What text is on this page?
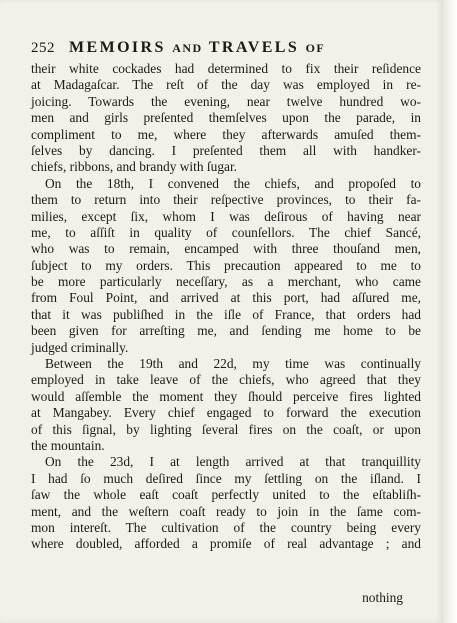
252 MEMOIRS AND TRAVELS OF
their white cockades had determined to fix their reſidence
at Madagaſcar. The reſt of the day was employed in re-
joicing. Towards the evening, near twelve hundred wo-
men and girls preſented themſelves upon the parade, in
compliment to me, where they afterwards amuſed them-
ſelves by dancing. I preſented them all with handker-
chiefs, ribbons, and brandy with ſugar.
On the 18th, I convened the chiefs, and propoſed to
them to return into their reſpective provinces, to their fa-
milies, except ſix, whom I was deſirous of having near
me, to aſſiſt in quality of counſellors. The chief Sancé,
who was to remain, encamped with three thouſand men,
ſubject to my orders. This precaution appeared to me to
be more particularly neceſſary, as a merchant, who came
from Foul Point, and arrived at this port, had aſſured me,
that it was publiſhed in the iſle of France, that orders had
been given for arreſting me, and ſending me home to be
judged criminally.
Between the 19th and 22d, my time was continually
employed in take leave of the chiefs, who agreed that they
would aſſemble the moment they ſhould perceive fires lighted
at Mangabey. Every chief engaged to forward the execution
of this ſignal, by lighting ſeveral fires on the coaſt, or upon
the mountain.
On the 23d, I at length arrived at that tranquillity
I had ſo much deſired ſince my ſettling on the iſland. I
ſaw the whole eaſt coaſt perfectly united to the eſtabliſh-
ment, and the weſtern coaſt ready to join in the ſame com-
mon intereſt. The cultivation of the country being every
where doubled, afforded a promiſe of real advantage ; and
nothing
